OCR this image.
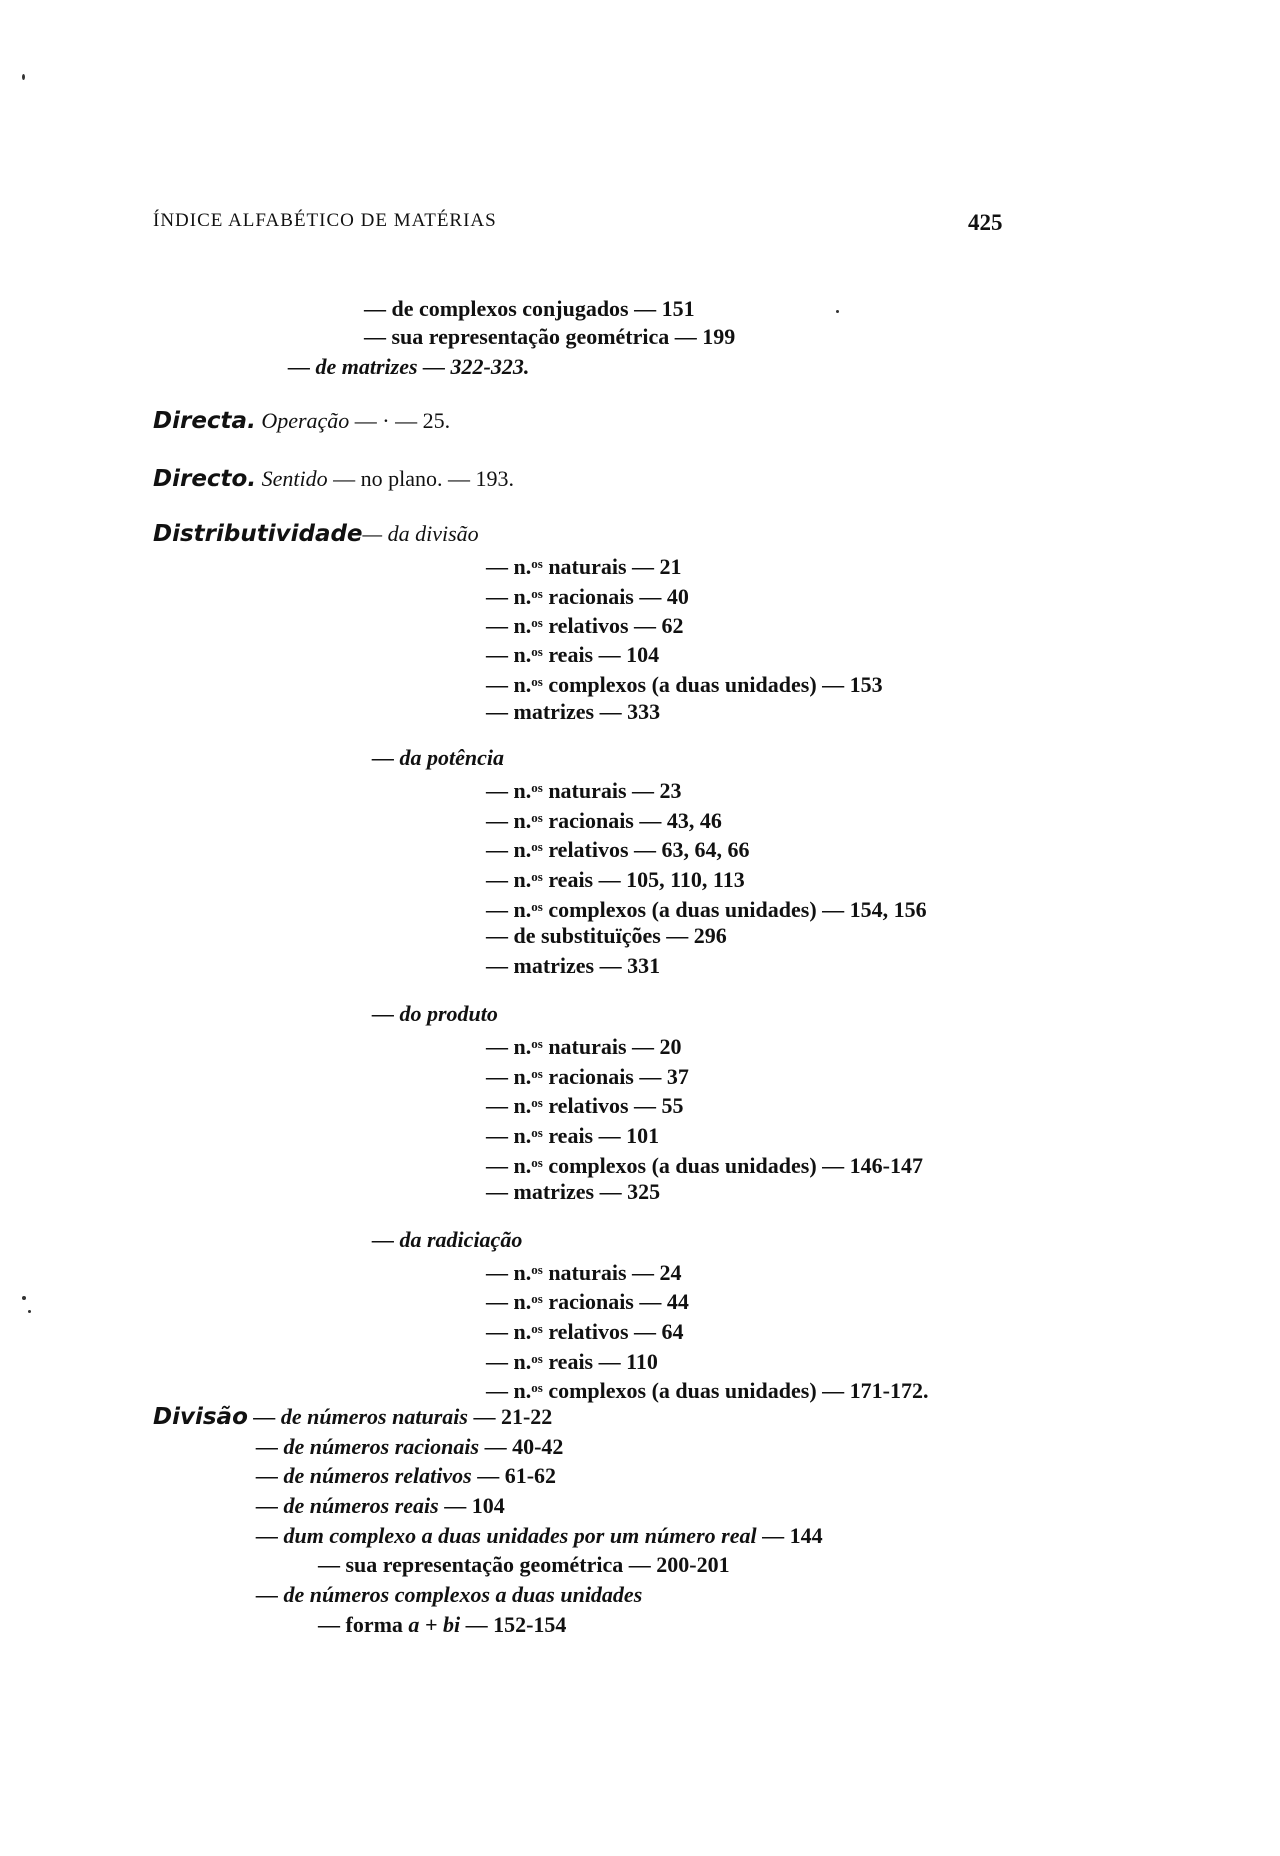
ÍNDICE ALFABÉTICO DE MATÉRIAS	425
— de complexos conjugados — 151
— sua representação geométrica — 199
— de matrizes — 322-323.
Directa. Operação — · — 25.
Directo. Sentido — no plano. — 193.
Distributividade— da divisão
— n.$^{os}$ naturais — 21
— n.$^{os}$ racionais — 40
— n.$^{os}$ relativos — 62
— n.$^{os}$ reais — 104
— n.$^{os}$ complexos (a duas unidades) — 153
— matrizes — 333
— da potência
— n.$^{os}$ naturais — 23
— n.$^{os}$ racionais — 43, 46
— n.$^{os}$ relativos — 63, 64, 66
— n.$^{os}$ reais — 105, 110, 113
— n.$^{os}$ complexos (a duas unidades) — 154, 156
— de substituïções — 296
— matrizes — 331
— do produto
— n.$^{os}$ naturais — 20
— n.$^{os}$ racionais — 37
— n.$^{os}$ relativos — 55
— n.$^{os}$ reais — 101
— n.$^{os}$ complexos (a duas unidades) — 146-147
— matrizes — 325
— da radiciação
— n.$^{os}$ naturais — 24
— n.$^{os}$ racionais — 44
— n.$^{os}$ relativos — 64
— n.$^{os}$ reais — 110
— n.$^{os}$ complexos (a duas unidades) — 171-172.
Divisão — de números naturais — 21-22
— de números racionais — 40-42
— de números relativos — 61-62
— de números reais — 104
— dum complexo a duas unidades por um número real — 144
— sua representação geométrica — 200-201
— de números complexos a duas unidades
— forma a + bi — 152-154
